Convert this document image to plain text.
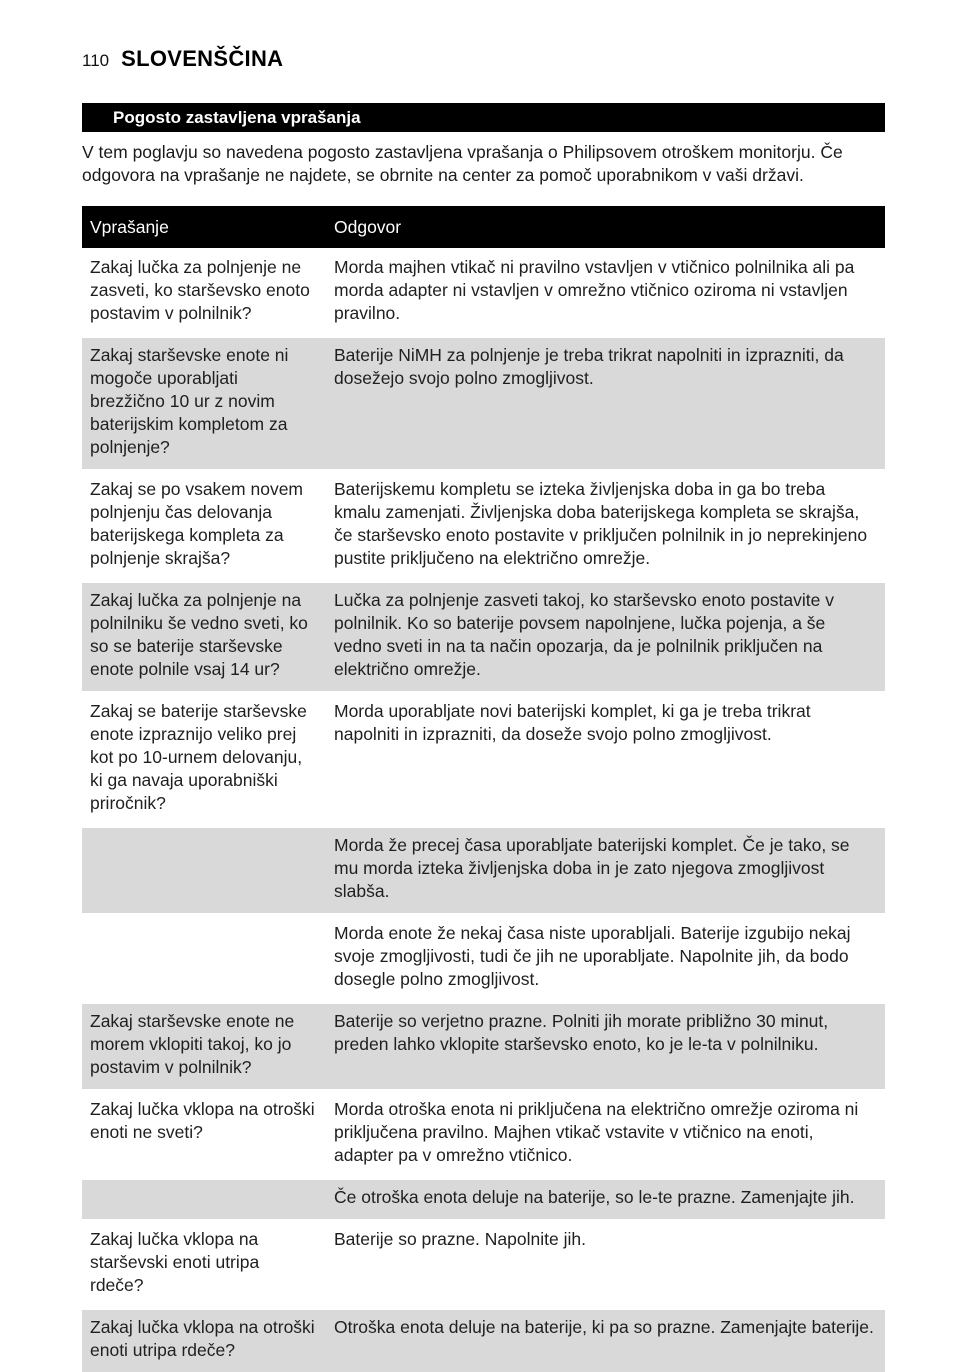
110 SLOVENŠČINA
Pogosto zastavljena vprašanja

V tem poglavju so navedena pogosto zastavljena vprašanja o Philipsovem otroškem monitorju. Če odgovora na vprašanje ne najdete, se obrnite na center za pomoč uporabnikom v vaši državi.

Vprašanje	Odgovor
Zakaj lučka za polnjenje ne zasveti, ko starševsko enoto postavim v polnilnik?	Morda majhen vtikač ni pravilno vstavljen v vtičnico polnilnika ali pa morda adapter ni vstavljen v omrežno vtičnico oziroma ni vstavljen pravilno.
Zakaj starševske enote ni mogoče uporabljati brezžično 10 ur z novim baterijskim kompletom za polnjenje?	Baterije NiMH za polnjenje je treba trikrat napolniti in izprazniti, da dosežejo svojo polno zmogljivost.
Zakaj se po vsakem novem polnjenju čas delovanja baterijskega kompleta za polnjenje skrajša?	Baterijskemu kompletu se izteka življenjska doba in ga bo treba kmalu zamenjati. Življenjska doba baterijskega kompleta se skrajša, če starševsko enoto postavite v priključen polnilnik in jo neprekinjeno pustite priključeno na električno omrežje.
Zakaj lučka za polnjenje na polnilniku še vedno sveti, ko so se baterije starševske enote polnile vsaj 14 ur?	Lučka za polnjenje zasveti takoj, ko starševsko enoto postavite v polnilnik. Ko so baterije povsem napolnjene, lučka pojenja, a še vedno sveti in na ta način opozarja, da je polnilnik priključen na električno omrežje.
Zakaj se baterije starševske enote izpraznijo veliko prej kot po 10-urnem delovanju, ki ga navaja uporabniški priročnik?	Morda uporabljate novi baterijski komplet, ki ga je treba trikrat napolniti in izprazniti, da doseže svojo polno zmogljivost.
	Morda že precej časa uporabljate baterijski komplet. Če je tako, se mu morda izteka življenjska doba in je zato njegova zmogljivost slabša.
	Morda enote že nekaj časa niste uporabljali. Baterije izgubijo nekaj svoje zmogljivosti, tudi če jih ne uporabljate. Napolnite jih, da bodo dosegle polno zmogljivost.
Zakaj starševske enote ne morem vklopiti takoj, ko jo postavim v polnilnik?	Baterije so verjetno prazne. Polniti jih morate približno 30 minut, preden lahko vklopite starševsko enoto, ko je le-ta v polnilniku.
Zakaj lučka vklopa na otroški enoti ne sveti?	Morda otroška enota ni priključena na električno omrežje oziroma ni priključena pravilno. Majhen vtikač vstavite v vtičnico na enoti, adapter pa v omrežno vtičnico.
	Če otroška enota deluje na baterije, so le-te prazne. Zamenjajte jih.
Zakaj lučka vklopa na starševski enoti utripa rdeče?	Baterije so prazne. Napolnite jih.
Zakaj lučka vklopa na otroški enoti utripa rdeče?	Otroška enota deluje na baterije, ki pa so prazne. Zamenjajte baterije.
